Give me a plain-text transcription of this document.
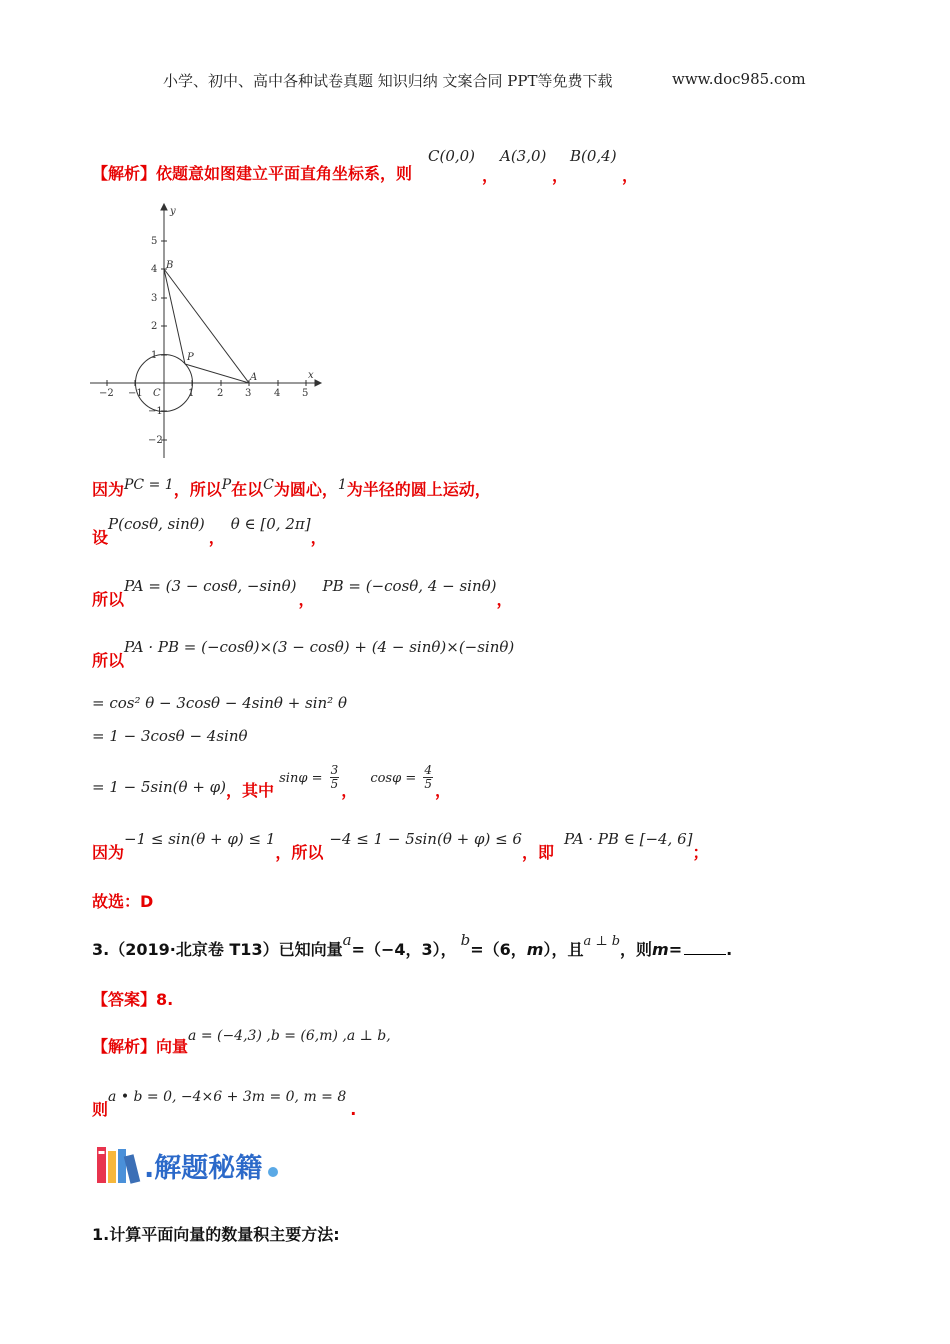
小学、初中、高中各种试卷真题 知识归纳 文案合同 PPT等免费下载	www.doc985.com
【解析】依题意如图建立平面直角坐标系，则
C(0,0)
，
A(3,0)
，
B(0,4)
，
−2 −1	1 2 3 4 5
5
4
3
2
1
−1
−2
x
y
B
P
A
C
因为PC = 1，所以P在以C为圆心，1为半径的圆上运动，
设P(cosθ, sinθ)，θ ∈ [0, 2π]，
所以PA = (3 − cosθ, −sinθ)，PB = (−cosθ, 4 − sinθ)，
所以PA · PB = (−cosθ)×(3 − cosθ) + (4 − sinθ)×(−sinθ)
= cos² θ − 3cosθ − 4sinθ + sin² θ
= 1 − 3cosθ − 4sinθ
= 1 − 5sin(θ + φ)，其中 $\sin\varphi = \frac{3}{5}$ ， $\cos\varphi = \frac{4}{5}$ ，
因为−1 ≤ sin(θ + φ) ≤ 1，所以−4 ≤ 1 − 5sin(θ + φ) ≤ 6，即PA · PB ∈ [−4, 6]；
故选：D
3.（2019·北京卷 T13）已知向量a=（−4，3）， b=（6，m），且$^{a \perp b}$，则m=	.
【答案】8.
【解析】向量a = (−4,3) ,b = (6,m) ,a ⊥ b,
则a • b = 0, −4×6 + 3m = 0, m = 8.
.解题秘籍
1.计算平面向量的数量积主要方法:
